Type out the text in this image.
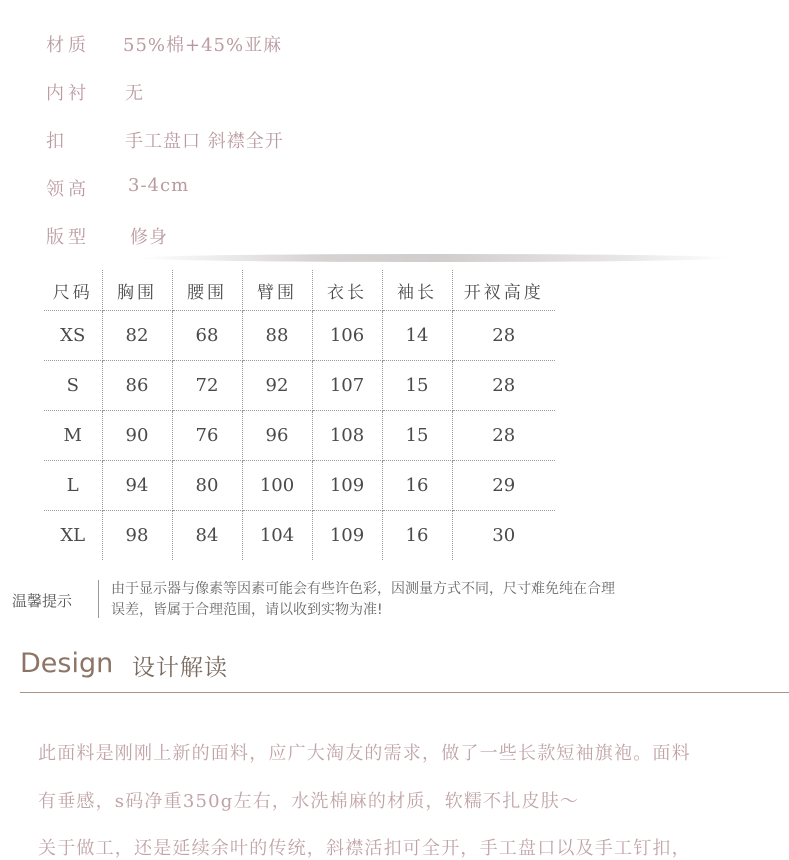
材质 55%棉+45%亚麻
内衬 无
扣	手工盘口 斜襟全开
领高 3-4cm
版型 修身
尺码	胸围	腰围	臂围	衣长	袖长	开衩高度
XS	82	68	88	106	14	28
S	86	72	92	107	15	28
M	90	76	96	108	15	28
L	94	80	100	109	16	29
XL	98	84	104	109	16	30
温馨提示
由于显示器与像素等因素可能会有些许色彩，因测量方式不同，尺寸难免纯在合理
误差，皆属于合理范围，请以收到实物为准!
Design 设计解读
此面料是刚刚上新的面料，应广大淘友的需求，做了一些长款短袖旗袍。面料
有垂感，s码净重350g左右，水洗棉麻的材质，软糯不扎皮肤～
关于做工，还是延续余叶的传统，斜襟活扣可全开，手工盘口以及手工钉扣，
